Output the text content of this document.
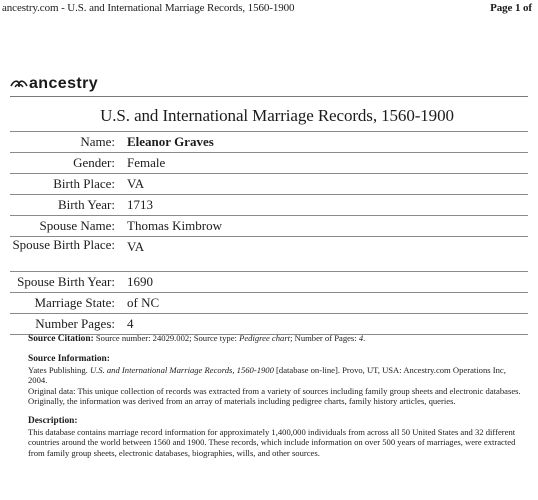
ancestry.com - U.S. and International Marriage Records, 1560-1900	Page 1 of
ancestry
U.S. and International Marriage Records, 1560-1900
Name: Eleanor Graves
Gender: Female
Birth Place: VA
Birth Year: 1713
Spouse Name: Thomas Kimbrow
Spouse Birth Place: VA
Spouse Birth Year: 1690
Marriage State: of NC
Number Pages: 4
Source Citation: Source number: 24029.002; Source type: Pedigree chart; Number of Pages: 4.
Source Information:
Yates Publishing. U.S. and International Marriage Records, 1560-1900 [database on-line]. Provo, UT, USA: Ancestry.com Operations Inc, 2004.
Original data: This unique collection of records was extracted from a variety of sources including family group sheets and electronic databases. Originally, the information was derived from an array of materials including pedigree charts, family history articles, queries.
Description:
This database contains marriage record information for approximately 1,400,000 individuals from across all 50 United States and 32 different countries around the world between 1560 and 1900. These records, which include information on over 500 years of marriages, were extracted from family group sheets, electronic databases, biographies, wills, and other sources.
